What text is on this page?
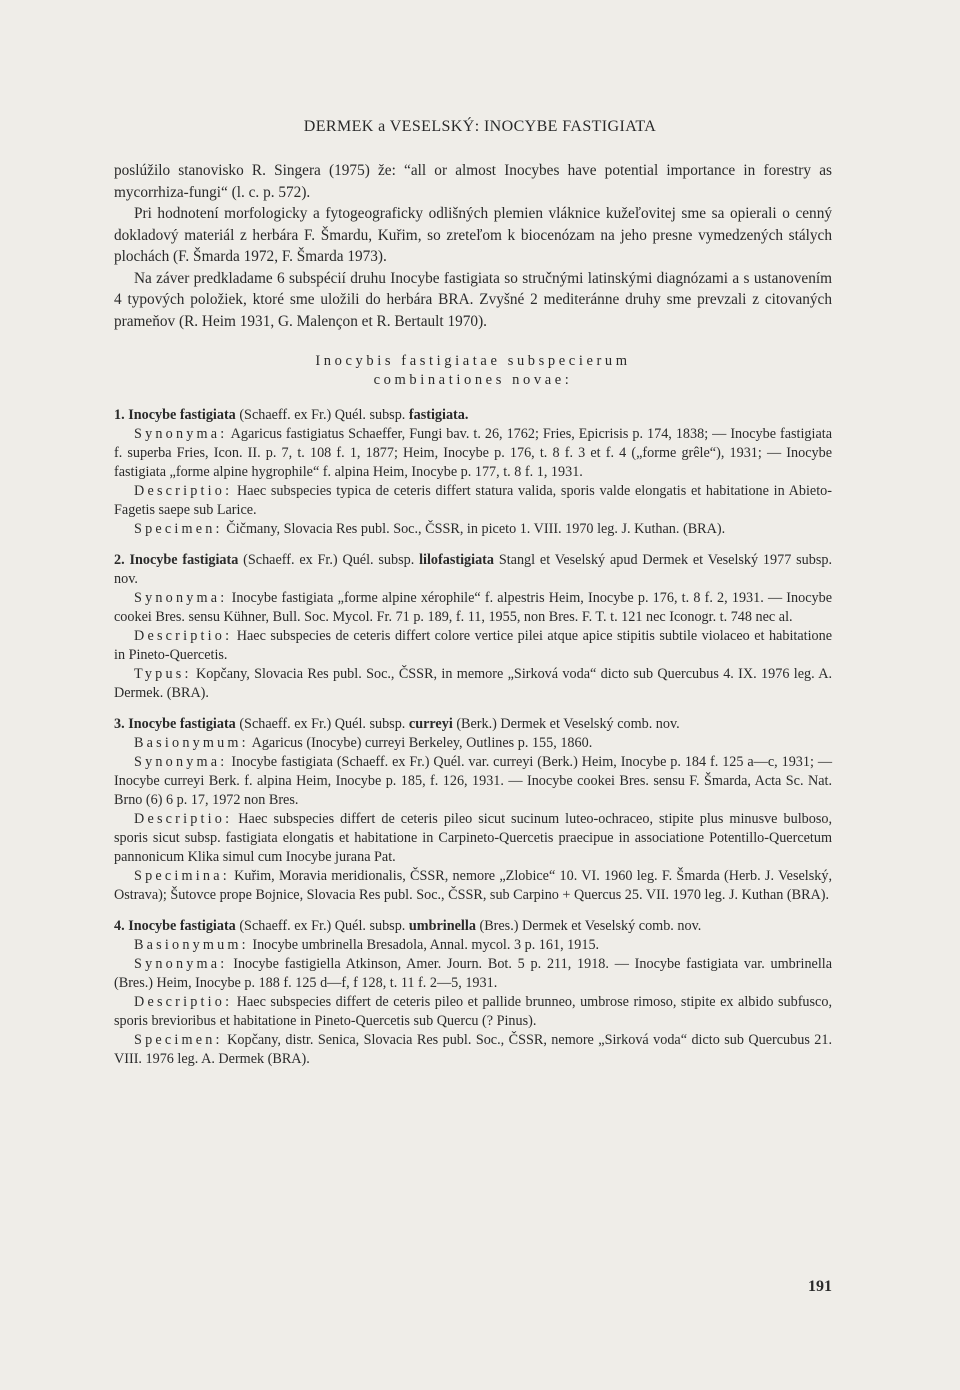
DERMEK a VESELSKÝ: INOCYBE FASTIGIATA

poslúžilo stanovisko R. Singera (1975) že: “all or almost Inocybes have potential importance in forestry as mycorrhiza-fungi“ (l. c. p. 572).

Pri hodnotení morfologicky a fytogeograficky odlišných plemien vláknice kužeľovitej sme sa opierali o cenný dokladový materiál z herbára F. Šmardu, Kuřim, so zreteľom k biocenózam na jeho presne vymedzených stálych plochách (F. Šmarda 1972, F. Šmarda 1973).

Na záver predkladame 6 subspécií druhu Inocybe fastigiata so stručnými latinskými diagnózami a s ustanovením 4 typových položiek, ktoré sme uložili do herbára BRA. Zvyšné 2 mediteránne druhy sme prevzali z citovaných prameňov (R. Heim 1931, G. Malençon et R. Bertault 1970).

Inocybis fastigiatae subspecierum
combinationes novae:

1. Inocybe fastigiata (Schaeff. ex Fr.) Quél. subsp. fastigiata.

Synonyma: Agaricus fastigiatus Schaeffer, Fungi bav. t. 26, 1762; Fries, Epicrisis p. 174, 1838; — Inocybe fastigiata f. superba Fries, Icon. II. p. 7, t. 108 f. 1, 1877; Heim, Inocybe p. 176, t. 8 f. 3 et f. 4 („forme grêle“), 1931; — Inocybe fastigiata „forme alpine hygrophile“ f. alpina Heim, Inocybe p. 177, t. 8 f. 1, 1931.

Descriptio: Haec subspecies typica de ceteris differt statura valida, sporis valde elongatis et habitatione in Abieto-Fagetis saepe sub Larice.

Specimen: Čičmany, Slovacia Res publ. Soc., ČSSR, in piceto 1. VIII. 1970 leg. J. Kuthan. (BRA).

2. Inocybe fastigiata (Schaeff. ex Fr.) Quél. subsp. lilofastigiata Stangl et Veselský apud Dermek et Veselský 1977 subsp. nov.

Synonyma: Inocybe fastigiata „forme alpine xérophile“ f. alpestris Heim, Inocybe p. 176, t. 8 f. 2, 1931. — Inocybe cookei Bres. sensu Kühner, Bull. Soc. Mycol. Fr. 71 p. 189, f. 11, 1955, non Bres. F. T. t. 121 nec Iconogr. t. 748 nec al.

Descriptio: Haec subspecies de ceteris differt colore vertice pilei atque apice stipitis subtile violaceo et habitatione in Pineto-Quercetis.

Typus: Kopčany, Slovacia Res publ. Soc., ČSSR, in memore „Sirková voda“ dicto sub Quercubus 4. IX. 1976 leg. A. Dermek. (BRA).

3. Inocybe fastigiata (Schaeff. ex Fr.) Quél. subsp. curreyi (Berk.) Dermek et Veselský comb. nov.

Basionymum: Agaricus (Inocybe) curreyi Berkeley, Outlines p. 155, 1860.

Synonyma: Inocybe fastigiata (Schaeff. ex Fr.) Quél. var. curreyi (Berk.) Heim, Inocybe p. 184 f. 125 a—c, 1931; — Inocybe curreyi Berk. f. alpina Heim, Inocybe p. 185, f. 126, 1931. — Inocybe cookei Bres. sensu F. Šmarda, Acta Sc. Nat. Brno (6) 6 p. 17, 1972 non Bres.

Descriptio: Haec subspecies differt de ceteris pileo sicut sucinum luteo-ochraceo, stipite plus minusve bulboso, sporis sicut subsp. fastigiata elongatis et habitatione in Carpineto-Quercetis praecipue in associatione Potentillo-Quercetum pannonicum Klika simul cum Inocybe jurana Pat.

Specimina: Kuřim, Moravia meridionalis, ČSSR, nemore „Zlobice“ 10. VI. 1960 leg. F. Šmarda (Herb. J. Veselský, Ostrava); Šutovce prope Bojnice, Slovacia Res publ. Soc., ČSSR, sub Carpino + Quercus 25. VII. 1970 leg. J. Kuthan (BRA).

4. Inocybe fastigiata (Schaeff. ex Fr.) Quél. subsp. umbrinella (Bres.) Dermek et Veselský comb. nov.

Basionymum: Inocybe umbrinella Bresadola, Annal. mycol. 3 p. 161, 1915.

Synonyma: Inocybe fastigiella Atkinson, Amer. Journ. Bot. 5 p. 211, 1918. — Inocybe fastigiata var. umbrinella (Bres.) Heim, Inocybe p. 188 f. 125 d—f, f 128, t. 11 f. 2—5, 1931.

Descriptio: Haec subspecies differt de ceteris pileo et pallide brunneo, umbrose rimoso, stipite ex albido subfusco, sporis brevioribus et habitatione in Pineto-Quercetis sub Quercu (? Pinus).

Specimen: Kopčany, distr. Senica, Slovacia Res publ. Soc., ČSSR, nemore „Sirková voda“ dicto sub Quercubus 21. VIII. 1976 leg. A. Dermek (BRA).

191
